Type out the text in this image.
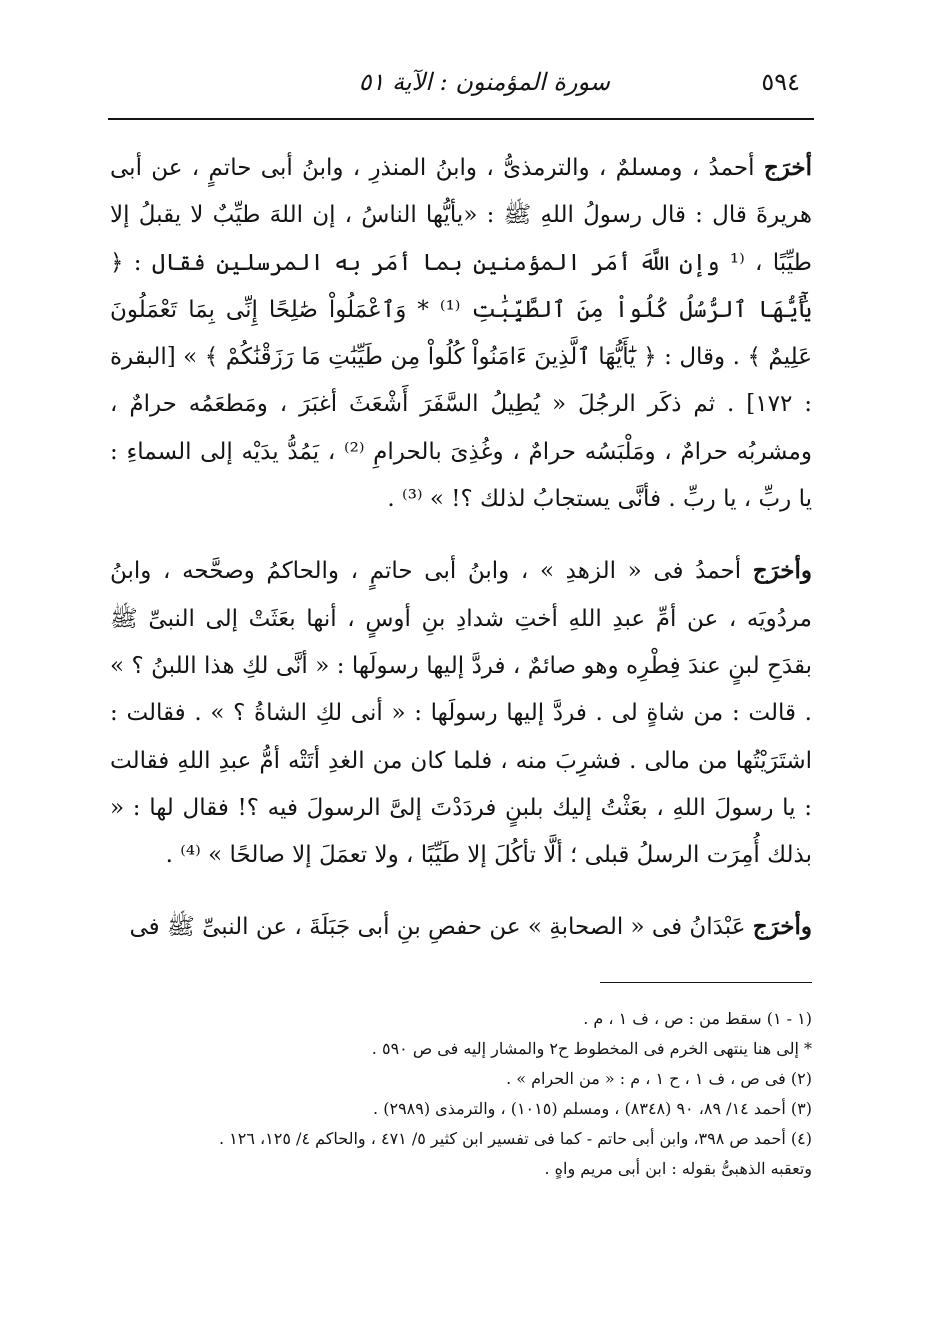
٥٩٤
سورة المؤمنون : الآية ٥١

أخرَج أحمدُ ، ومسلمٌ ، والترمذىُّ ، وابنُ المنذرِ ، وابنُ أبى حاتمٍ ، عن أبى هريرةَ قال : قال رسولُ اللهِ ﷺ : «يأيُّها الناسُ ، إن اللهَ طيِّبٌ لا يقبلُ إلا طيِّبًا ، ⁽¹ وإن اللَّهَ أمَر المؤمنين بما أمَر به المرسلين فقال : ﴿ يَٰٓأَيُّهَا ٱلرُّسُلُ كُلُواْ مِنَ ٱلطَّيِّبَٰتِ ⁽¹⁾ * وَٱعْمَلُواْ صَٰلِحًا إِنِّى بِمَا تَعْمَلُونَ عَلِيمٌ ﴾ . وقال : ﴿ يَٰٓأَيُّهَا ٱلَّذِينَ ءَامَنُواْ كُلُواْ مِن طَيِّبَٰتِ مَا رَزَقْنَٰكُمْ ﴾ » [البقرة : ١٧٢] . ثم ذكَر الرجُلَ « يُطِيلُ السَّفَرَ أَشْعَثَ أغبَرَ ، ومَطعَمُه حرامٌ ، ومشربُه حرامٌ ، ومَلْبَسُه حرامٌ ، وغُذِىَ بالحرامِ ⁽²⁾ ، يَمُدُّ يدَيْه إلى السماءِ : يا ربِّ ، يا ربِّ . فأنَّى يستجابُ لذلك ؟! » ⁽³⁾ .

وأخرَج أحمدُ فى « الزهدِ » ، وابنُ أبى حاتمٍ ، والحاكمُ وصحَّحه ، وابنُ مردُويَه ، عن أمِّ عبدِ اللهِ أختِ شدادِ بنِ أوسٍ ، أنها بعَثَتْ إلى النبىِّ ﷺ بقدَحِ لبنٍ عندَ فِطْرِه وهو صائمٌ ، فردَّ إليها رسولَها : « أنَّى لكِ هذا اللبنُ ؟ » . قالت : من شاةٍ لى . فردَّ إليها رسولَها : « أنى لكِ الشاةُ ؟ » . فقالت : اشتَرَيْتُها من مالى . فشرِبَ منه ، فلما كان من الغدِ أتَتْه أمُّ عبدِ اللهِ فقالت : يا رسولَ اللهِ ، بعَثْتُ إليك بلبنٍ فردَدْتَ إلىَّ الرسولَ فيه ؟! فقال لها : « بذلك أُمِرَت الرسلُ قبلى ؛ ألَّا تأكُلَ إلا طَيِّبًا ، ولا تعمَلَ إلا صالحًا » ⁽⁴⁾ .

وأخرَج عَبْدَانُ فى « الصحابةِ » عن حفصِ بنِ أبى جَبَلَةَ ، عن النبىِّ ﷺ فى

(١ - ١) سقط من : ص ، ف ١ ، م .
* إلى هنا ينتهى الخرم فى المخطوط ح٢ والمشار إليه فى ص ٥٩٠ .
(٢) فى ص ، ف ١ ، ح ١ ، م : « من الحرام » .
(٣) أحمد ١٤/ ٨٩، ٩٠ (٨٣٤٨) ، ومسلم (١٠١٥) ، والترمذى (٢٩٨٩) .
(٤) أحمد ص ٣٩٨، وابن أبى حاتم - كما فى تفسير ابن كثير ٥/ ٤٧١ ، والحاكم ٤/ ١٢٥، ١٢٦ .
وتعقبه الذهبىُّ بقوله : ابن أبى مريم واهٍ .
